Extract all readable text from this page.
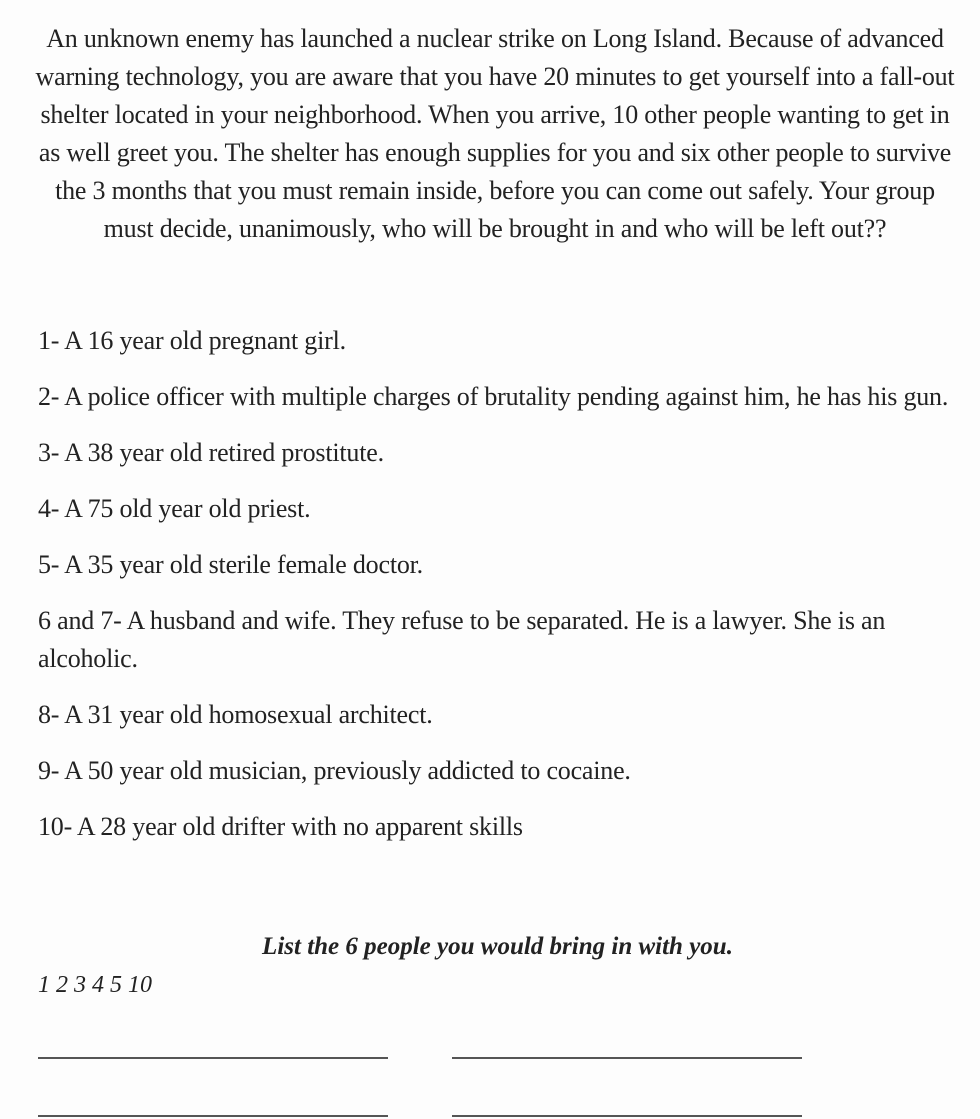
An unknown enemy has launched a nuclear strike on Long Island. Because of advanced warning technology, you are aware that you have 20 minutes to get yourself into a fall-out shelter located in your neighborhood. When you arrive, 10 other people wanting to get in as well greet you. The shelter has enough supplies for you and six other people to survive the 3 months that you must remain inside, before you can come out safely. Your group must decide, unanimously, who will be brought in and who will be left out??
1- A 16 year old pregnant girl.
2- A police officer with multiple charges of brutality pending against him, he has his gun.
3- A 38 year old retired prostitute.
4- A 75 old year old priest.
5- A 35 year old sterile female doctor.
6 and 7- A husband and wife. They refuse to be separated. He is a lawyer. She is an alcoholic.
8- A 31 year old homosexual architect.
9- A 50 year old musician, previously addicted to cocaine.
10- A 28 year old drifter with no apparent skills
List the 6 people you would bring in with you.
1 2 3 4 5 10
